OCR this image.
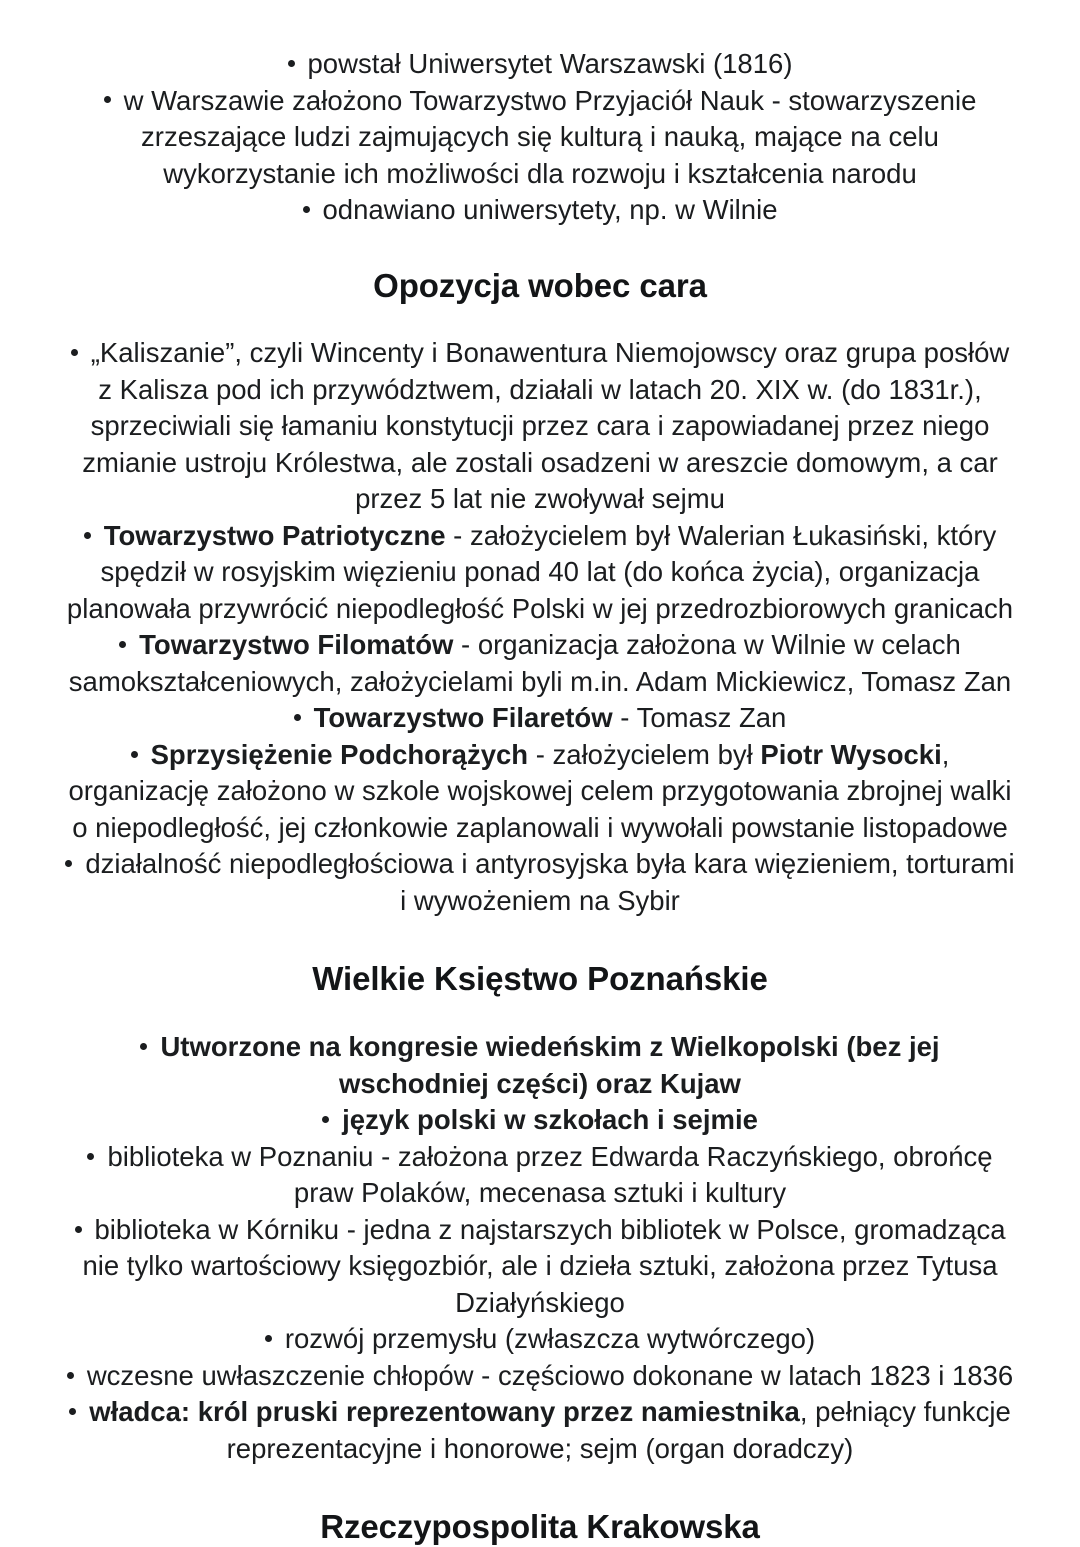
powstał Uniwersytet Warszawski (1816)

w Warszawie założono Towarzystwo Przyjaciół Nauk - stowarzyszenie zrzeszające ludzi zajmujących się kulturą i nauką, mające na celu wykorzystanie ich możliwości dla rozwoju i kształcenia narodu

odnawiano uniwersytety, np. w Wilnie

Opozycja wobec cara

„Kaliszanie”, czyli Wincenty i Bonawentura Niemojowscy oraz grupa posłów z Kalisza pod ich przywództwem, działali w latach 20. XIX w. (do 1831r.), sprzeciwiali się łamaniu konstytucji przez cara i zapowiadanej przez niego zmianie ustroju Królestwa, ale zostali osadzeni w areszcie domowym, a car przez 5 lat nie zwoływał sejmu

Towarzystwo Patriotyczne - założycielem był Walerian Łukasiński, który spędził w rosyjskim więzieniu ponad 40 lat (do końca życia), organizacja planowała przywrócić niepodległość Polski w jej przedrozbiorowych granicach

Towarzystwo Filomatów - organizacja założona w Wilnie w celach samokształceniowych, założycielami byli m.in. Adam Mickiewicz, Tomasz Zan

Towarzystwo Filaretów - Tomasz Zan

Sprzysiężenie Podchorążych - założycielem był Piotr Wysocki, organizację założono w szkole wojskowej celem przygotowania zbrojnej walki o niepodległość, jej członkowie zaplanowali i wywołali powstanie listopadowe

działalność niepodległościowa i antyrosyjska była kara więzieniem, torturami i wywożeniem na Sybir

Wielkie Księstwo Poznańskie

Utworzone na kongresie wiedeńskim z Wielkopolski (bez jej wschodniej części) oraz Kujaw

język polski w szkołach i sejmie

biblioteka w Poznaniu - założona przez Edwarda Raczyńskiego, obrońcę praw Polaków, mecenasa sztuki i kultury

biblioteka w Kórniku - jedna z najstarszych bibliotek w Polsce, gromadząca nie tylko wartościowy księgozbiór, ale i dzieła sztuki, założona przez Tytusa Działyńskiego

rozwój przemysłu (zwłaszcza wytwórczego)

wczesne uwłaszczenie chłopów - częściowo dokonane w latach 1823 i 1836

władca: król pruski reprezentowany przez namiestnika, pełniący funkcje reprezentacyjne i honorowe; sejm (organ doradczy)

Rzeczypospolita Krakowska
